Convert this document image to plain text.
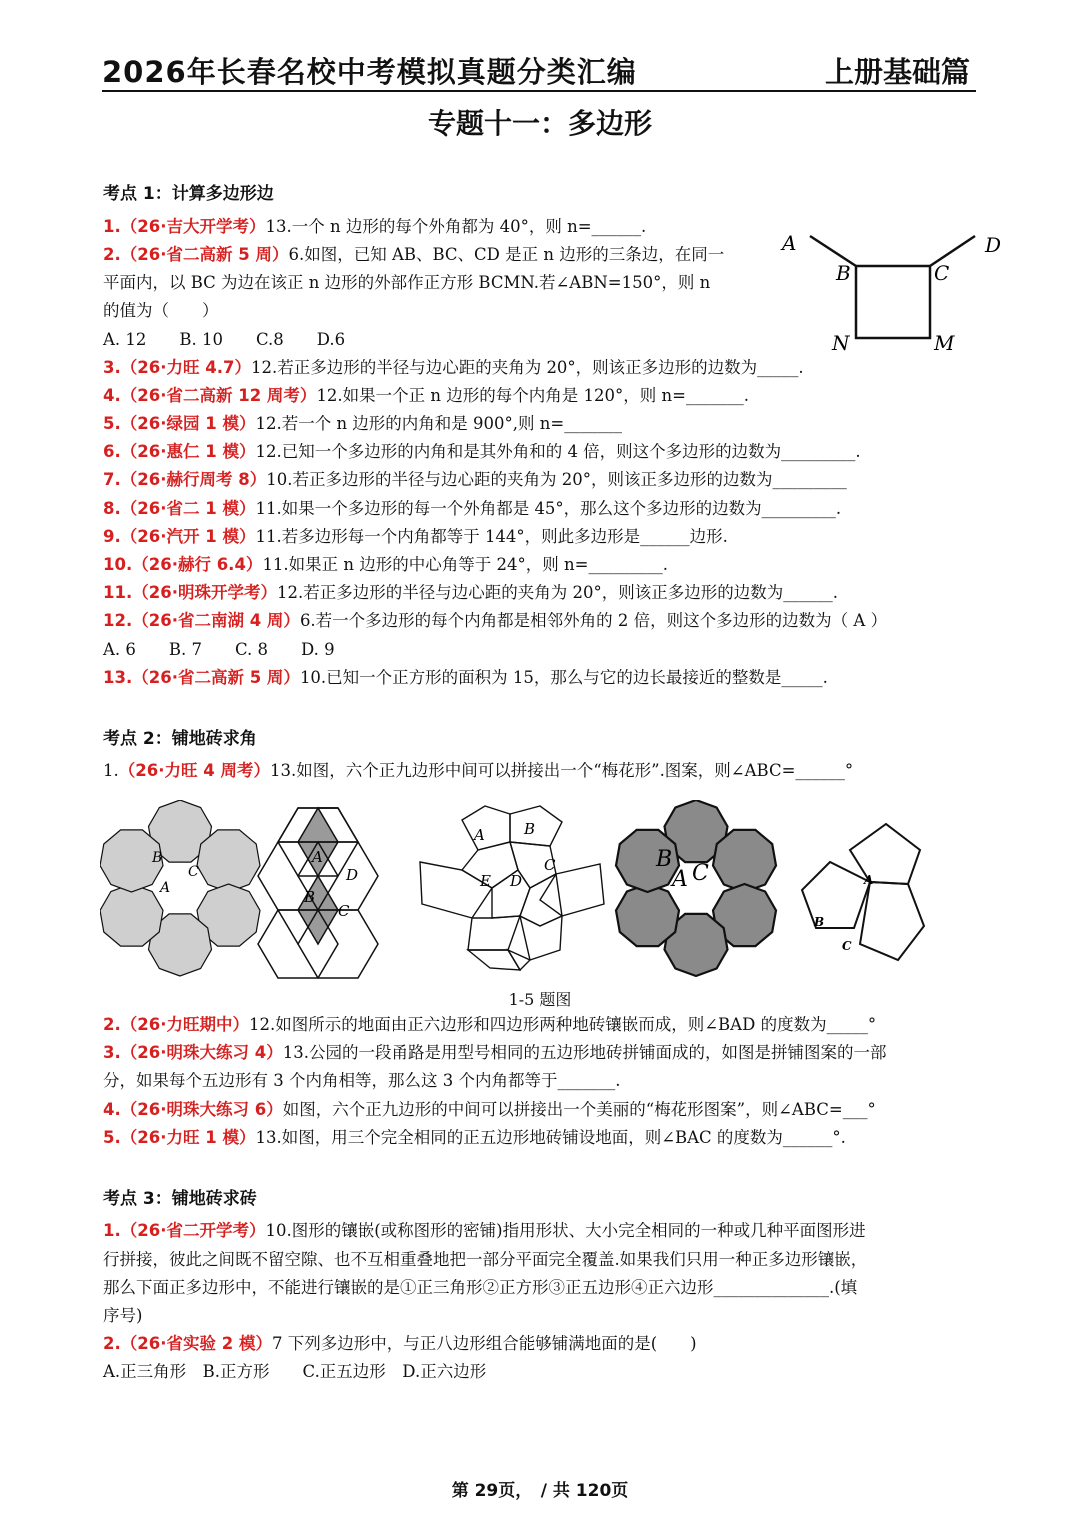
2026年长春名校中考模拟真题分类汇编	上册基础篇
专题十一：多边形
考点 1：计算多边形边
1.（26·吉大开学考）13.一个 n 边形的每个外角都为 40°，则 n=______.
2.（26·省二高新 5 周）6.如图，已知 AB、BC、CD 是正 n 边形的三条边，在同一
平面内，以 BC 为边在该正 n 边形的外部作正方形 BCMN.若∠ABN=150°，则 n
的值为（　　）
A. 12　　B. 10　　C.8　　D.6
3.（26·力旺 4.7）12.若正多边形的半径与边心距的夹角为 20°，则该正多边形的边数为_____.
4.（26·省二高新 12 周考）12.如果一个正 n 边形的每个内角是 120°，则 n=_______.
5.（26·绿园 1 模）12.若一个 n 边形的内角和是 900°,则 n=_______
6.（26·惠仁 1 模）12.已知一个多边形的内角和是其外角和的 4 倍，则这个多边形的边数为_________.
7.（26·赫行周考 8）10.若正多边形的半径与边心距的夹角为 20°，则该正多边形的边数为_________
8.（26·省二 1 模）11.如果一个多边形的每一个外角都是 45°，那么这个多边形的边数为_________.
9.（26·汽开 1 模）11.若多边形每一个内角都等于 144°，则此多边形是______边形.
10.（26·赫行 6.4）11.如果正 n 边形的中心角等于 24°，则 n=_________.
11.（26·明珠开学考）12.若正多边形的半径与边心距的夹角为 20°，则该正多边形的边数为______.
12.（26·省二南湖 4 周）6.若一个多边形的每个内角都是相邻外角的 2 倍，则这个多边形的边数为（ A ）
A. 6　　B. 7　　C. 8　　D. 9
13.（26·省二高新 5 周）10.已知一个正方形的面积为 15，那么与它的边长最接近的整数是_____.
A
B	C
D
N	M
考点 2：铺地砖求角
1.（26·力旺 4 周考）13.如图，六个正九边形中间可以拼接出一个“梅花形”.图案，则∠ABC=______°
B
C
A
A
D
B
C
A	B
C
D
E
B
C
A	A
B
C
1-5 题图
2.（26·力旺期中）12.如图所示的地面由正六边形和四边形两种地砖镶嵌而成，则∠BAD 的度数为_____°
3.（26·明珠大练习 4）13.公园的一段甬路是用型号相同的五边形地砖拼铺面成的，如图是拼铺图案的一部
分，如果每个五边形有 3 个内角相等，那么这 3 个内角都等于_______.
4.（26·明珠大练习 6）如图，六个正九边形的中间可以拼接出一个美丽的“梅花形图案”，则∠ABC=___°
5.（26·力旺 1 模）13.如图，用三个完全相同的正五边形地砖铺设地面，则∠BAC 的度数为______°.
考点 3：铺地砖求砖
1.（26·省二开学考）10.图形的镶嵌(或称图形的密铺)指用形状、大小完全相同的一种或几种平面图形进
行拼接，彼此之间既不留空隙、也不互相重叠地把一部分平面完全覆盖.如果我们只用一种正多边形镶嵌，
那么下面正多边形中，不能进行镶嵌的是①正三角形②正方形③正五边形④正六边形______________.(填
序号)
2.（26·省实验 2 模）7 下列多边形中，与正八边形组合能够铺满地面的是(　　)
A.正三角形　B.正方形　　C.正五边形　D.正六边形
第 29页，　/ 共 120页
